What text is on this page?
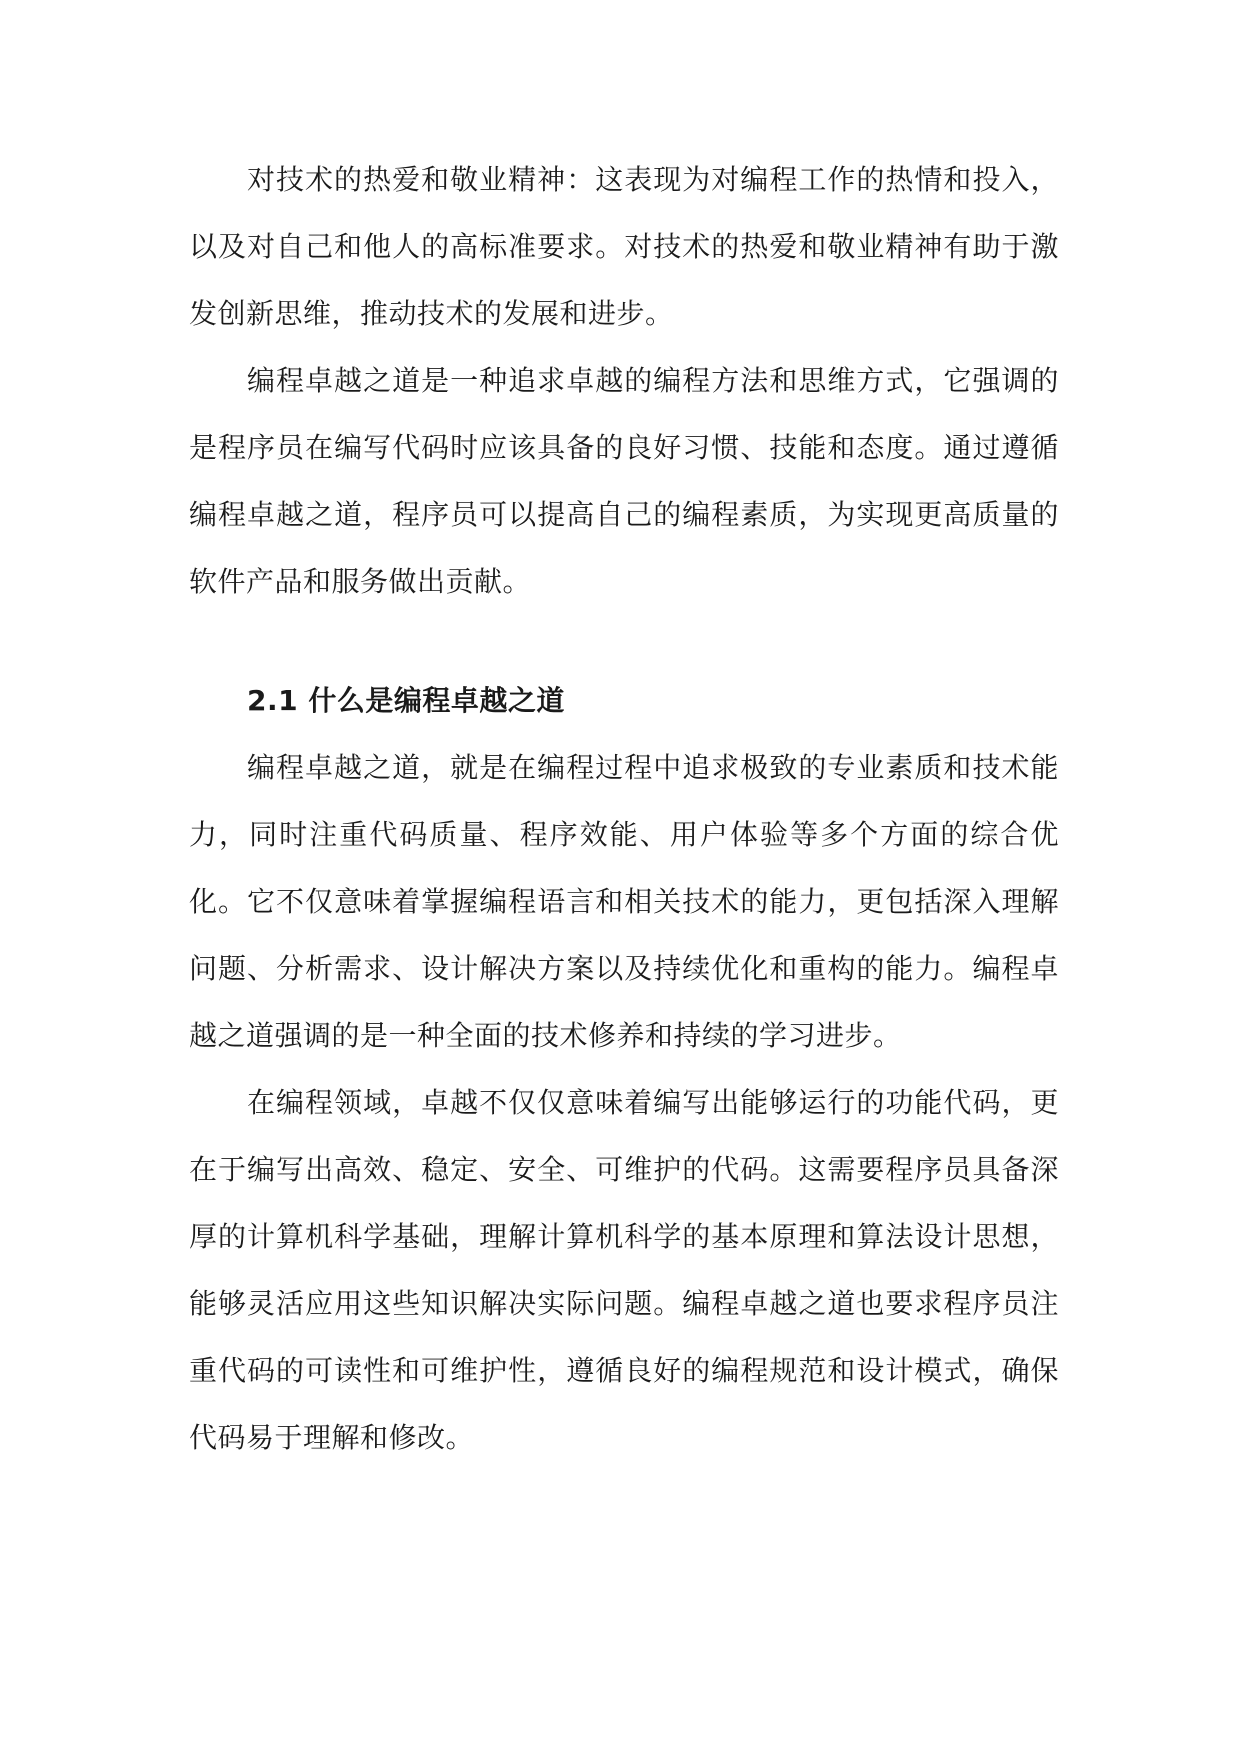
对技术的热爱和敬业精神：这表现为对编程工作的热情和投入，以及对自己和他人的高标准要求。对技术的热爱和敬业精神有助于激发创新思维，推动技术的发展和进步。

编程卓越之道是一种追求卓越的编程方法和思维方式，它强调的是程序员在编写代码时应该具备的良好习惯、技能和态度。通过遵循编程卓越之道，程序员可以提高自己的编程素质，为实现更高质量的软件产品和服务做出贡献。

2.1 什么是编程卓越之道

编程卓越之道，就是在编程过程中追求极致的专业素质和技术能力，同时注重代码质量、程序效能、用户体验等多个方面的综合优化。它不仅意味着掌握编程语言和相关技术的能力，更包括深入理解问题、分析需求、设计解决方案以及持续优化和重构的能力。编程卓越之道强调的是一种全面的技术修养和持续的学习进步。

在编程领域，卓越不仅仅意味着编写出能够运行的功能代码，更在于编写出高效、稳定、安全、可维护的代码。这需要程序员具备深厚的计算机科学基础，理解计算机科学的基本原理和算法设计思想，能够灵活应用这些知识解决实际问题。编程卓越之道也要求程序员注重代码的可读性和可维护性，遵循良好的编程规范和设计模式，确保代码易于理解和修改。
